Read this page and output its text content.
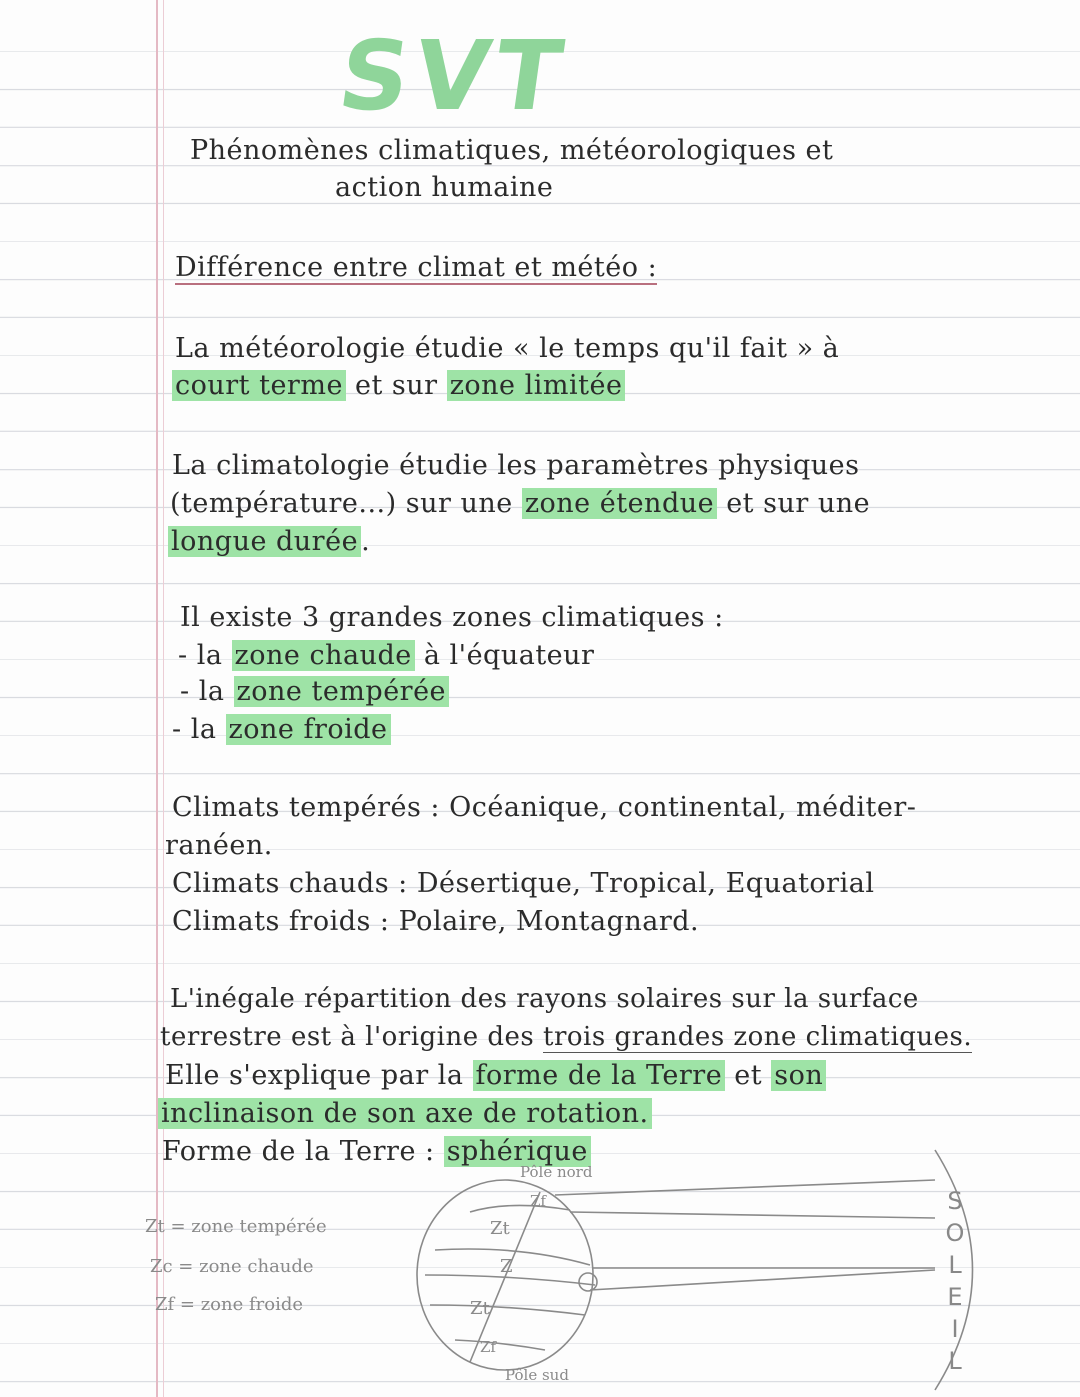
SVT
Phénomènes climatiques, météorologiques et
action humaine
Différence entre climat et météo :
La météorologie étudie « le temps qu'il fait » à
court terme et sur zone limitée
La climatologie étudie les paramètres physiques
(température...) sur une zone étendue et sur une
longue durée .
Il existe 3 grandes zones climatiques :
- la zone chaude à l'équateur
- la zone tempérée
- la zone froide
Climats tempérés : Océanique, continental, méditer-
ranéen.
Climats chauds : Désertique, Tropical, Equatorial
Climats froids : Polaire, Montagnard.
L'inégale répartition des rayons solaires sur la surface
terrestre est à l'origine des trois grandes zone climatiques.
Elle s'explique par la forme de la Terre et son
inclinaison de son axe de rotation.
Forme de la Terre : sphérique
Zt = zone tempérée
Zc = zone chaude
Zf = zone froide
Pôle nord
Pôle sud
Zf
Zt
Z
Zt
Zf
S
O
L
E
I
L
